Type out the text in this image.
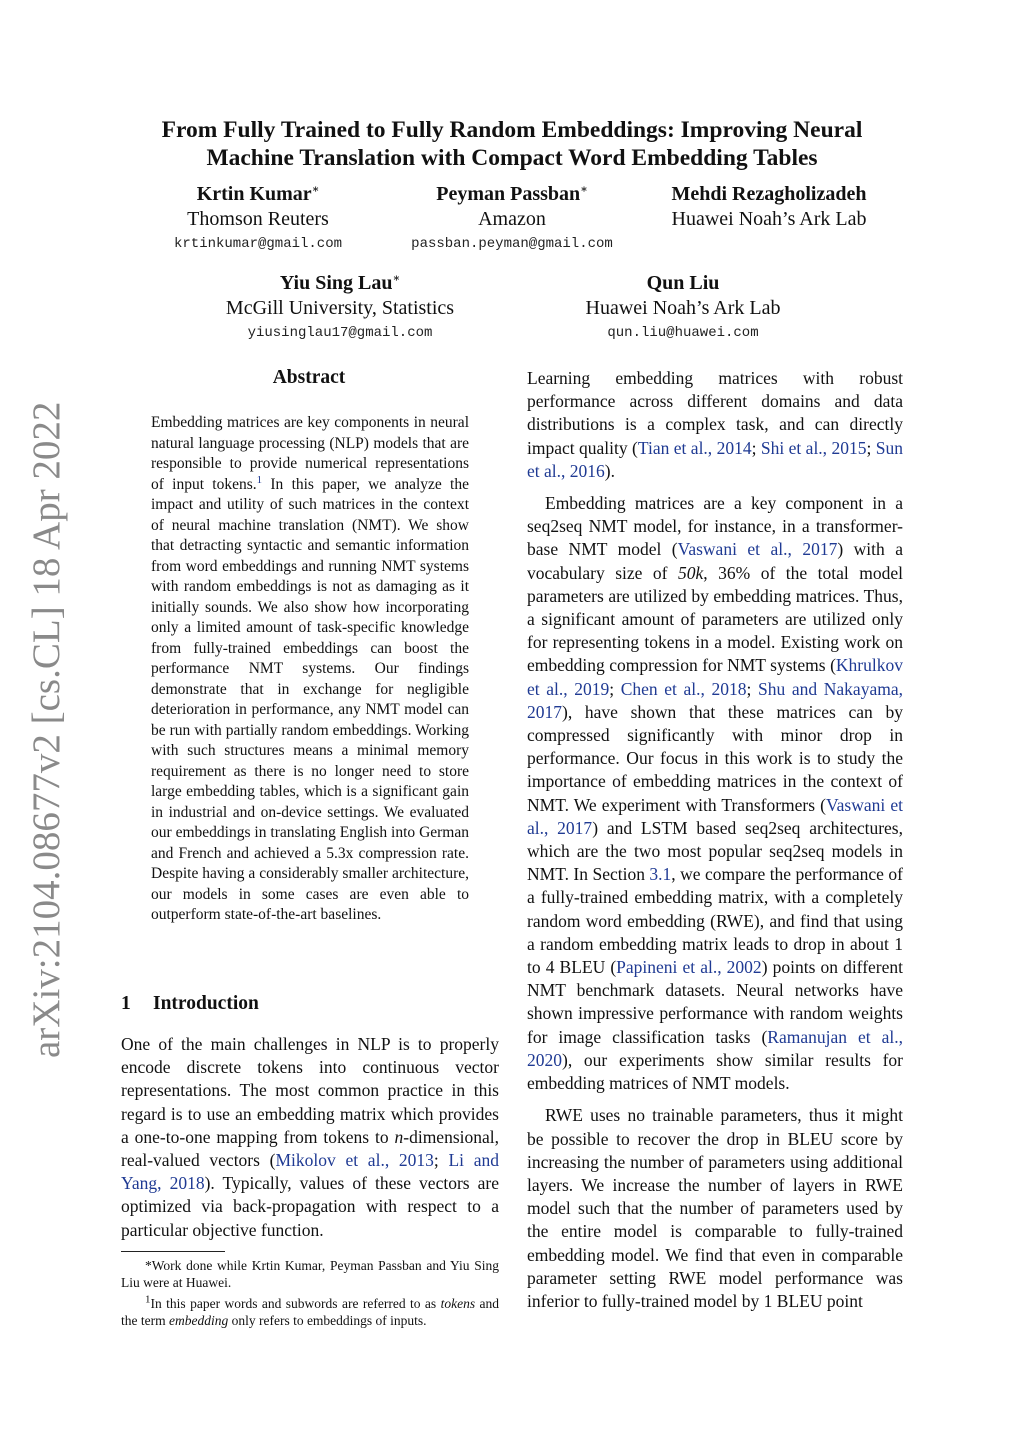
arXiv:2104.08677v2 [cs.CL] 18 Apr 2022
From Fully Trained to Fully Random Embeddings: Improving Neural
Machine Translation with Compact Word Embedding Tables
Krtin Kumar∗
Thomson Reuters
krtinkumar@gmail.com
Peyman Passban∗
Amazon
passban.peyman@gmail.com
Mehdi Rezagholizadeh
Huawei Noah’s Ark Lab
Yiu Sing Lau∗
McGill University, Statistics
yiusinglau17@gmail.com
Qun Liu
Huawei Noah’s Ark Lab
qun.liu@huawei.com
Abstract
Embedding matrices are key components in neural natural language processing (NLP) models that are responsible to provide numerical representations of input tokens.$^1$ In this paper, we analyze the impact and utility of such matrices in the context of neural machine translation (NMT). We show that detracting syntactic and semantic information from word embeddings and running NMT systems with random embeddings is not as damaging as it initially sounds. We also show how incorporating only a limited amount of task-specific knowledge from fully-trained embeddings can boost the performance NMT systems. Our findings demonstrate that in exchange for negligible deterioration in performance, any NMT model can be run with partially random embeddings. Working with such structures means a minimal memory requirement as there is no longer need to store large embedding tables, which is a significant gain in industrial and on-device settings. We evaluated our embeddings in translating English into German and French and achieved a 5.3x compression rate. Despite having a considerably smaller architecture, our models in some cases are even able to outperform state-of-the-art baselines.
1 Introduction
One of the main challenges in NLP is to properly encode discrete tokens into continuous vector representations. The most common practice in this regard is to use an embedding matrix which provides a one-to-one mapping from tokens to n-dimensional, real-valued vectors (Mikolov et al., 2013; Li and Yang, 2018). Typically, values of these vectors are optimized via back-propagation with respect to a particular objective function.

*Work done while Krtin Kumar, Peyman Passban and Yiu Sing Liu were at Huawei.

$^1$In this paper words and subwords are referred to as tokens and the term embedding only refers to embeddings of inputs.

Learning embedding matrices with robust performance across different domains and data distributions is a complex task, and can directly impact quality (Tian et al., 2014; Shi et al., 2015; Sun et al., 2016).

Embedding matrices are a key component in a seq2seq NMT model, for instance, in a transformer-base NMT model (Vaswani et al., 2017) with a vocabulary size of 50k, 36% of the total model parameters are utilized by embedding matrices. Thus, a significant amount of parameters are utilized only for representing tokens in a model. Existing work on embedding compression for NMT systems (Khrulkov et al., 2019; Chen et al., 2018; Shu and Nakayama, 2017), have shown that these matrices can by compressed significantly with minor drop in performance. Our focus in this work is to study the importance of embedding matrices in the context of NMT. We experiment with Transformers (Vaswani et al., 2017) and LSTM based seq2seq architectures, which are the two most popular seq2seq models in NMT. In Section 3.1, we compare the performance of a fully-trained embedding matrix, with a completely random word embedding (RWE), and find that using a random embedding matrix leads to drop in about 1 to 4 BLEU (Papineni et al., 2002) points on different NMT benchmark datasets. Neural networks have shown impressive performance with random weights for image classification tasks (Ramanujan et al., 2020), our experiments show similar results for embedding matrices of NMT models.

RWE uses no trainable parameters, thus it might be possible to recover the drop in BLEU score by increasing the number of parameters using additional layers. We increase the number of layers in RWE model such that the number of parameters used by the entire model is comparable to fully-trained embedding model. We find that even in comparable parameter setting RWE model performance was inferior to fully-trained model by 1 BLEU point
